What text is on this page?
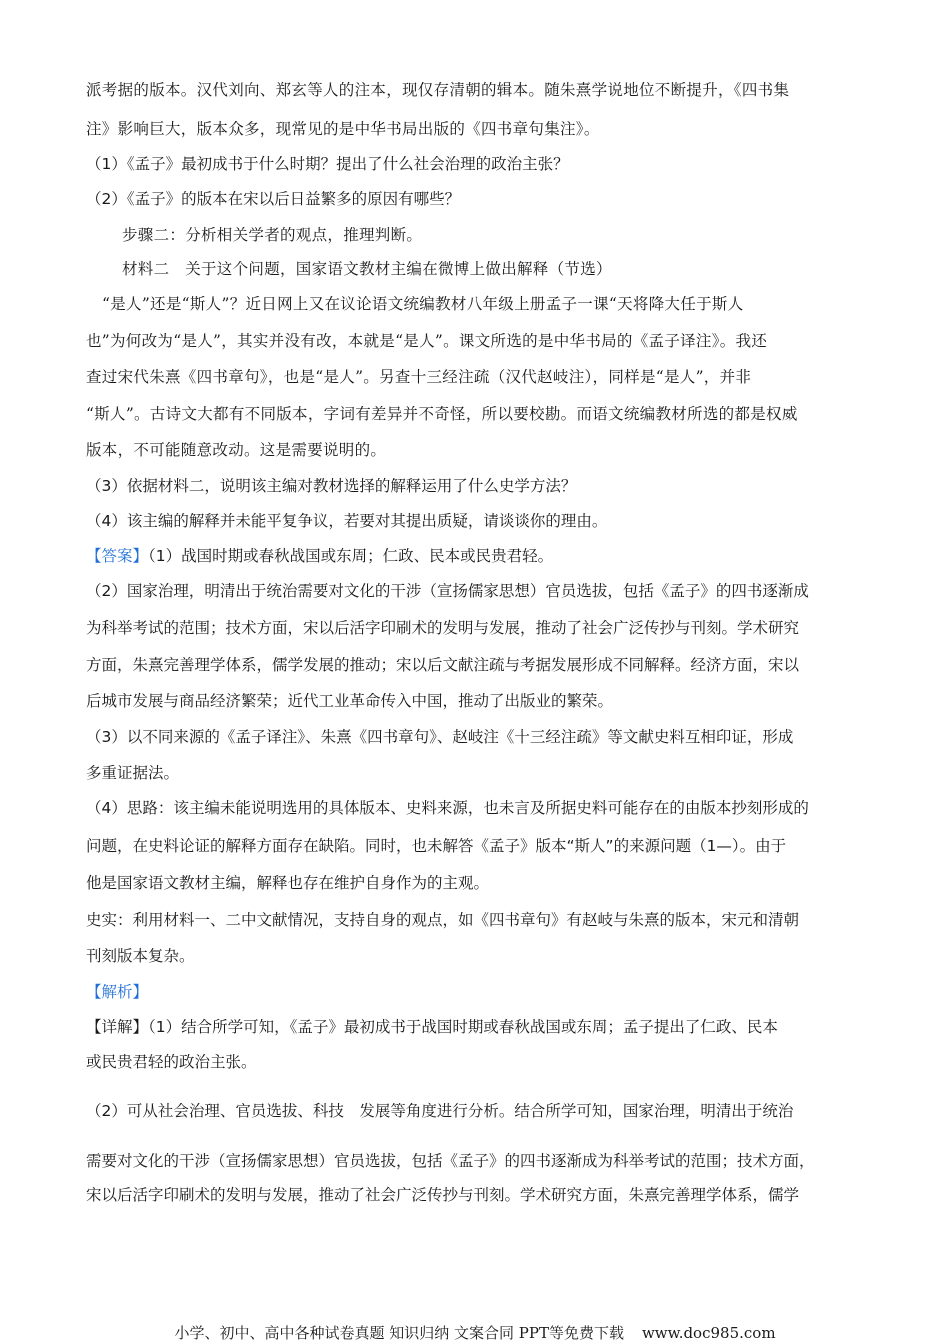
派考据的版本。汉代刘向、郑玄等人的注本，现仅存清朝的辑本。随朱熹学说地位不断提升，《四书集
注》影响巨大，版本众多，现常见的是中华书局出版的《四书章句集注》。
（1）《孟子》最初成书于什么时期？提出了什么社会治理的政治主张？
（2）《孟子》的版本在宋以后日益繁多的原因有哪些？
步骤二：分析相关学者的观点，推理判断。
材料二　关于这个问题，国家语文教材主编在微博上做出解释（节选）
“是人”还是“斯人”？近日网上又在议论语文统编教材八年级上册孟子一课“天将降大任于斯人
也”为何改为“是人”，其实并没有改，本就是“是人”。课文所选的是中华书局的《孟子译注》。我还
查过宋代朱熹《四书章句》，也是“是人”。另查十三经注疏（汉代赵岐注），同样是“是人”，并非
“斯人”。古诗文大都有不同版本，字词有差异并不奇怪，所以要校勘。而语文统编教材所选的都是权威
版本，不可能随意改动。这是需要说明的。
（3）依据材料二，说明该主编对教材选择的解释运用了什么史学方法？
（4）该主编的解释并未能平复争议，若要对其提出质疑，请谈谈你的理由。
【答案】（1）战国时期或春秋战国或东周；仁政、民本或民贵君轻。
（2）国家治理，明清出于统治需要对文化的干涉（宣扬儒家思想）官员选拔，包括《孟子》的四书逐渐成
为科举考试的范围；技术方面，宋以后活字印刷术的发明与发展，推动了社会广泛传抄与刊刻。学术研究
方面，朱熹完善理学体系，儒学发展的推动；宋以后文献注疏与考据发展形成不同解释。经济方面，宋以
后城市发展与商品经济繁荣；近代工业革命传入中国，推动了出版业的繁荣。
（3）以不同来源的《孟子译注》、朱熹《四书章句》、赵岐注《十三经注疏》等文献史料互相印证，形成
多重证据法。
（4）思路：该主编未能说明选用的具体版本、史料来源，也未言及所据史料可能存在的由版本抄刻形成的
问题，在史料论证的解释方面存在缺陷。同时，也未解答《孟子》版本“斯人”的来源问题（1—）。由于
他是国家语文教材主编，解释也存在维护自身作为的主观。
史实：利用材料一、二中文献情况，支持自身的观点，如《四书章句》有赵岐与朱熹的版本，宋元和清朝
刊刻版本复杂。
【解析】
【详解】（1）结合所学可知，《孟子》最初成书于战国时期或春秋战国或东周；孟子提出了仁政、民本
或民贵君轻的政治主张。
（2）可从社会治理、官员选拔、科技　发展等角度进行分析。结合所学可知，国家治理，明清出于统治
需要对文化的干涉（宣扬儒家思想）官员选拔，包括《孟子》的四书逐渐成为科举考试的范围；技术方面，
宋以后活字印刷术的发明与发展，推动了社会广泛传抄与刊刻。学术研究方面，朱熹完善理学体系，儒学
小学、初中、高中各种试卷真题 知识归纳 文案合同 PPT等免费下载 www.doc985.com
